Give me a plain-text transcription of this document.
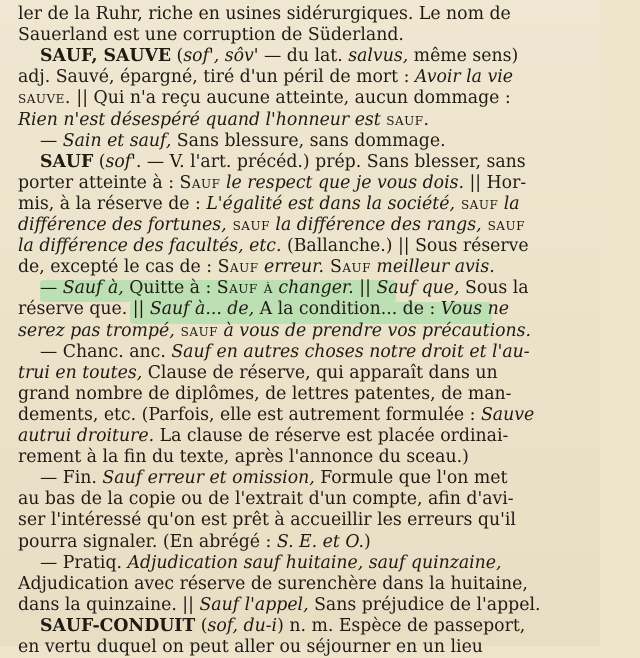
ler de la Ruhr, riche en usines sidérurgiques. Le nom de
Sauerland est une corruption de Süderland.
SAUF, SAUVE (sof', sôv' — du lat. salvus, même sens)
adj. Sauvé, épargné, tiré d'un péril de mort : Avoir la vie
sauve. || Qui n'a reçu aucune atteinte, aucun dommage :
Rien n'est désespéré quand l'honneur est sauf.
— Sain et sauf, Sans blessure, sans dommage.
SAUF (sof'. — V. l'art. précéd.) prép. Sans blesser, sans
porter atteinte à : Sauf le respect que je vous dois. || Hor-
mis, à la réserve de : L'égalité est dans la société, sauf la
différence des fortunes, sauf la différence des rangs, sauf
la différence des facultés, etc. (Ballanche.) || Sous réserve
de, excepté le cas de : Sauf erreur. Sauf meilleur avis.
— Sauf à, Quitte à : Sauf à changer. || Sauf que, Sous la
réserve que. || Sauf à... de, A la condition... de : Vous ne
serez pas trompé, sauf à vous de prendre vos précautions.
— Chanc. anc. Sauf en autres choses notre droit et l'au-
trui en toutes, Clause de réserve, qui apparaît dans un
grand nombre de diplômes, de lettres patentes, de man-
dements, etc. (Parfois, elle est autrement formulée : Sauve
autrui droiture. La clause de réserve est placée ordinai-
rement à la fin du texte, après l'annonce du sceau.)
— Fin. Sauf erreur et omission, Formule que l'on met
au bas de la copie ou de l'extrait d'un compte, afin d'avi-
ser l'intéressé qu'on est prêt à accueillir les erreurs qu'il
pourra signaler. (En abrégé : S. E. et O.)
— Pratiq. Adjudication sauf huitaine, sauf quinzaine,
Adjudication avec réserve de surenchère dans la huitaine,
dans la quinzaine. || Sauf l'appel, Sans préjudice de l'appel.
SAUF-CONDUIT (sof, du-i) n. m. Espèce de passeport,
en vertu duquel on peut aller ou séjourner en un lieu
